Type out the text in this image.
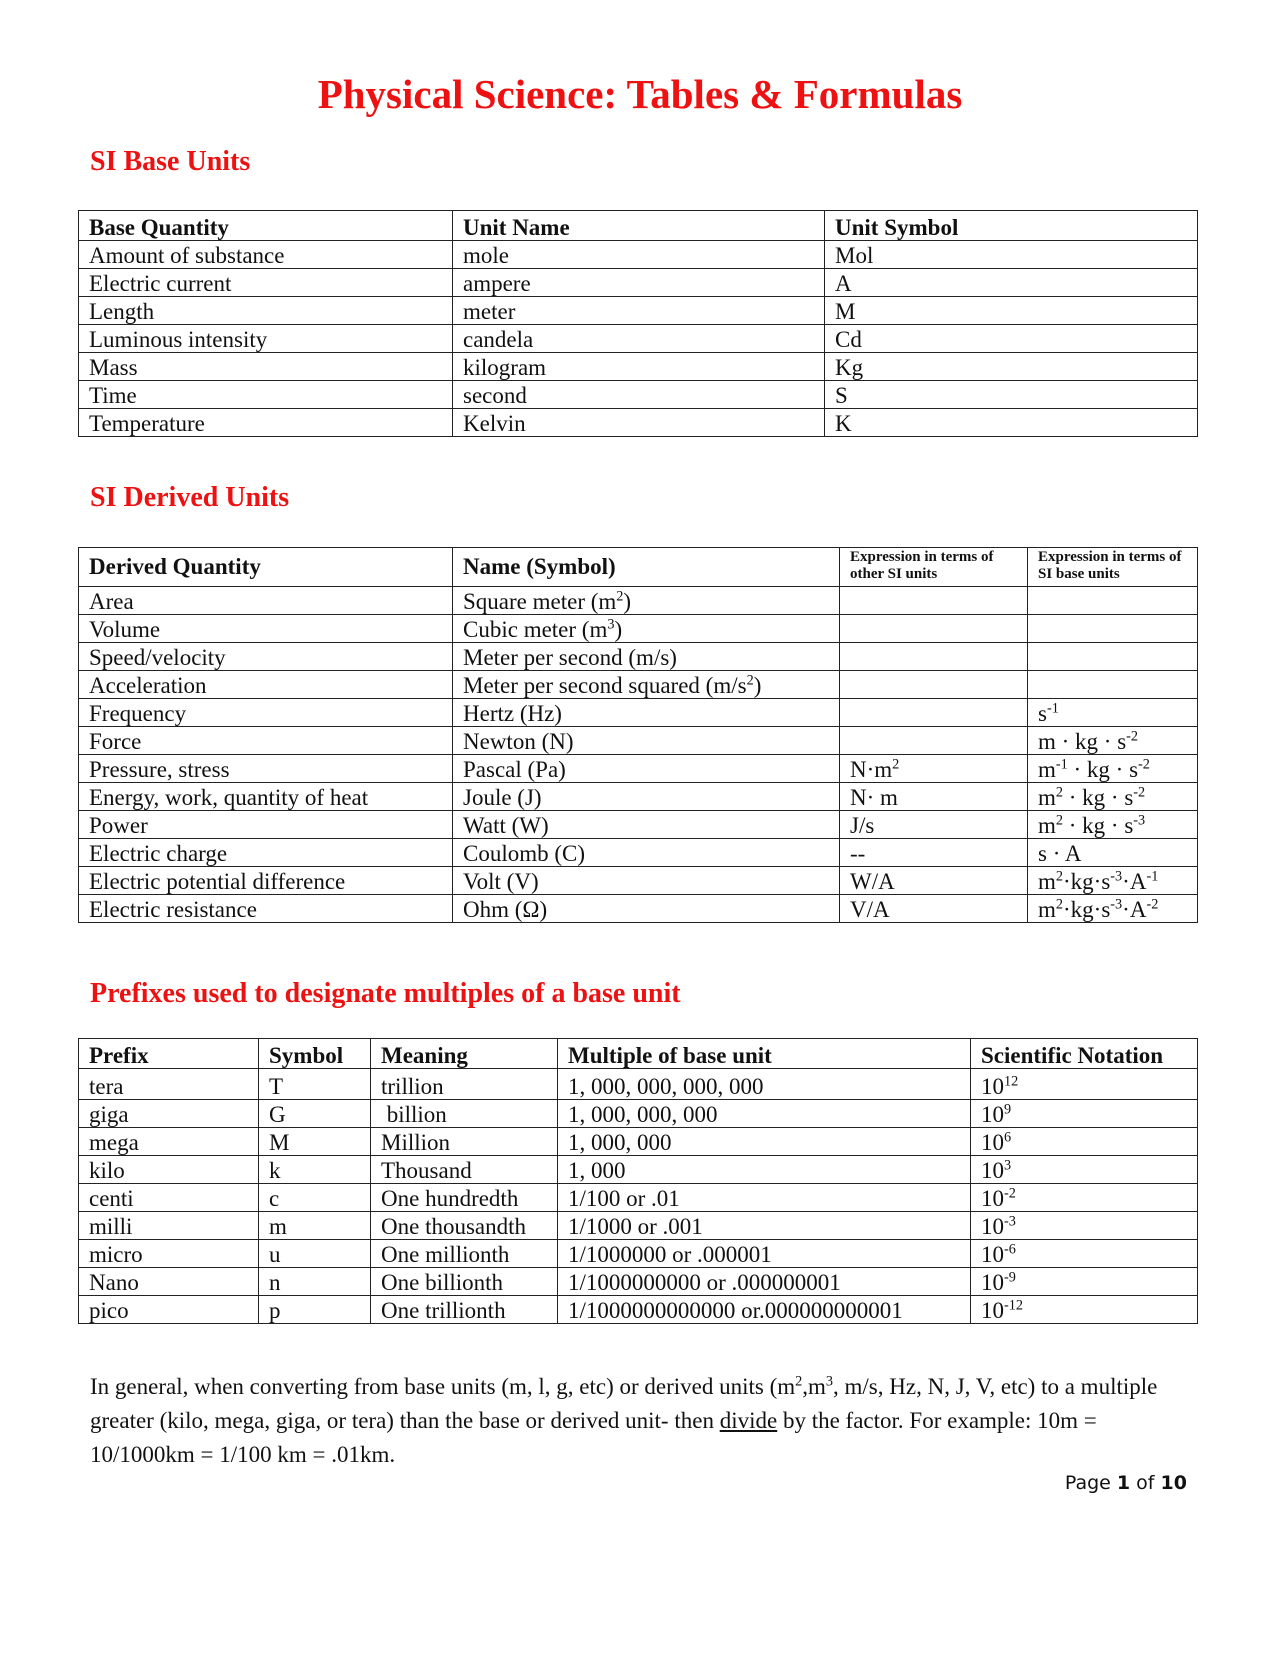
Physical Science: Tables & Formulas
SI Base Units
Base Quantity	Unit Name	Unit Symbol
Amount of substance	mole	Mol
Electric current	ampere	A
Length	meter	M
Luminous intensity	candela	Cd
Mass	kilogram	Kg
Time	second	S
Temperature	Kelvin	K
SI Derived Units
Derived Quantity	Name (Symbol)	Expression in terms of other SI units	Expression in terms of SI base units
Area	Square meter $(m^2)$		
Volume	Cubic meter $(m^3)$		
Speed/velocity	Meter per second (m/s)		
Acceleration	Meter per second squared $(m/s^2)$		
Frequency	Hertz (Hz)		$s^{-1}$
Force	Newton (N)		m · kg · $s^{-2}$
Pressure, stress	Pascal (Pa)	$N\cdot m^2$	$m^{-1}$ · kg · $s^{-2}$
Energy, work, quantity of heat	Joule (J)	N· m	$m^2$ · kg · $s^{-2}$
Power	Watt (W)	J/s	$m^2$ · kg · $s^{-3}$
Electric charge	Coulomb (C)	--	s · A
Electric potential difference	Volt (V)	W/A	$m^2\cdot kg\cdot s^{-3}\cdot A^{-1}$
Electric resistance	Ohm (Ω)	V/A	$m^2\cdot kg\cdot s^{-3}\cdot A^{-2}$
Prefixes used to designate multiples of a base unit
Prefix	Symbol	Meaning	Multiple of base unit	Scientific Notation
tera	T	trillion	1, 000, 000, 000, 000	$10^{12}$
giga	G	billion	1, 000, 000, 000	$10^9$
mega	M	Million	1, 000, 000	$10^6$
kilo	k	Thousand	1, 000	$10^3$
centi	c	One hundredth	1/100 or .01	$10^{-2}$
milli	m	One thousandth	1/1000 or .001	$10^{-3}$
micro	u	One millionth	1/1000000 or .000001	$10^{-6}$
Nano	n	One billionth	1/1000000000 or .000000001	$10^{-9}$
pico	p	One trillionth	1/1000000000000 or.000000000001	$10^{-12}$

In general, when converting from base units (m, l, g, etc) or derived units ($m^2,m^3$, m/s, Hz, N, J, V, etc) to a multiple greater (kilo, mega, giga, or tera) than the base or derived unit- then divide by the factor. For example: 10m = 10/1000km = 1/100 km = .01km.

Page 1 of 10
